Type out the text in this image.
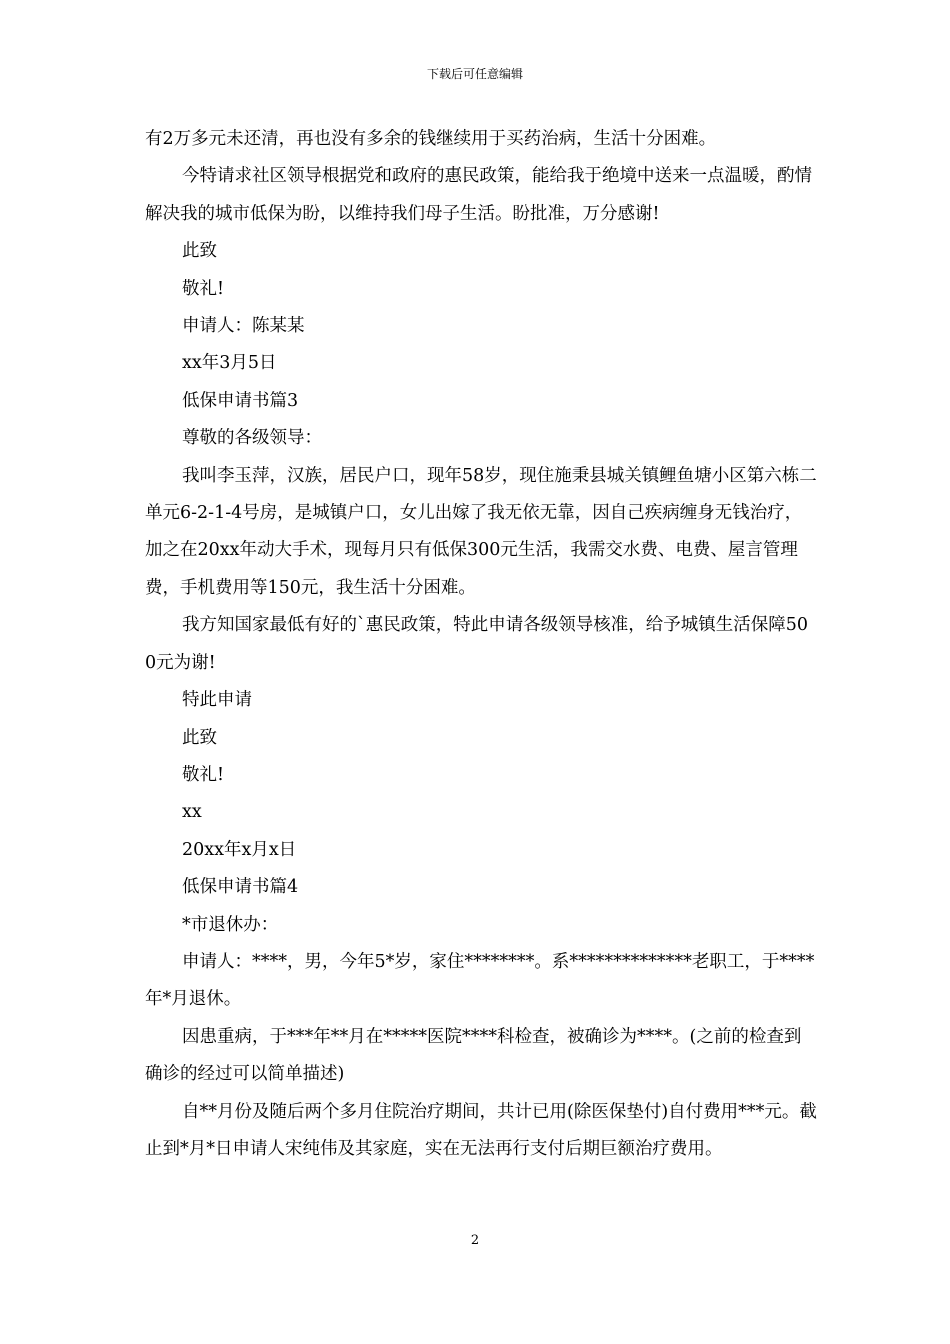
下载后可任意编辑

有2万多元未还清，再也没有多余的钱继续用于买药治病，生活十分困难。

今特请求社区领导根据党和政府的惠民政策，能给我于绝境中送来一点温暖，酌情解决我的城市低保为盼，以维持我们母子生活。盼批准，万分感谢!

此致

敬礼!

申请人：陈某某

xx年3月5日

低保申请书篇3

尊敬的各级领导：

我叫李玉萍，汉族，居民户口，现年58岁，现住施秉县城关镇鲤鱼塘小区第六栋二单元6-2-1-4号房，是城镇户口，女儿出嫁了我无依无靠，因自己疾病缠身无钱治疗，加之在20xx年动大手术，现每月只有低保300元生活，我需交水费、电费、屋言管理费，手机费用等150元，我生活十分困难。

我方知国家最低有好的`惠民政策，特此申请各级领导核准，给予城镇生活保障500元为谢!

特此申请

此致

敬礼!

xx

20xx年x月x日

低保申请书篇4

*市退休办：

申请人：****，男，今年5*岁，家住********。系**************老职工，于****年*月退休。

因患重病，于***年**月在*****医院****科检查，被确诊为****。(之前的检查到确诊的经过可以简单描述)

自**月份及随后两个多月住院治疗期间，共计已用(除医保垫付)自付费用***元。截止到*月*日申请人宋纯伟及其家庭，实在无法再行支付后期巨额治疗费用。

2
